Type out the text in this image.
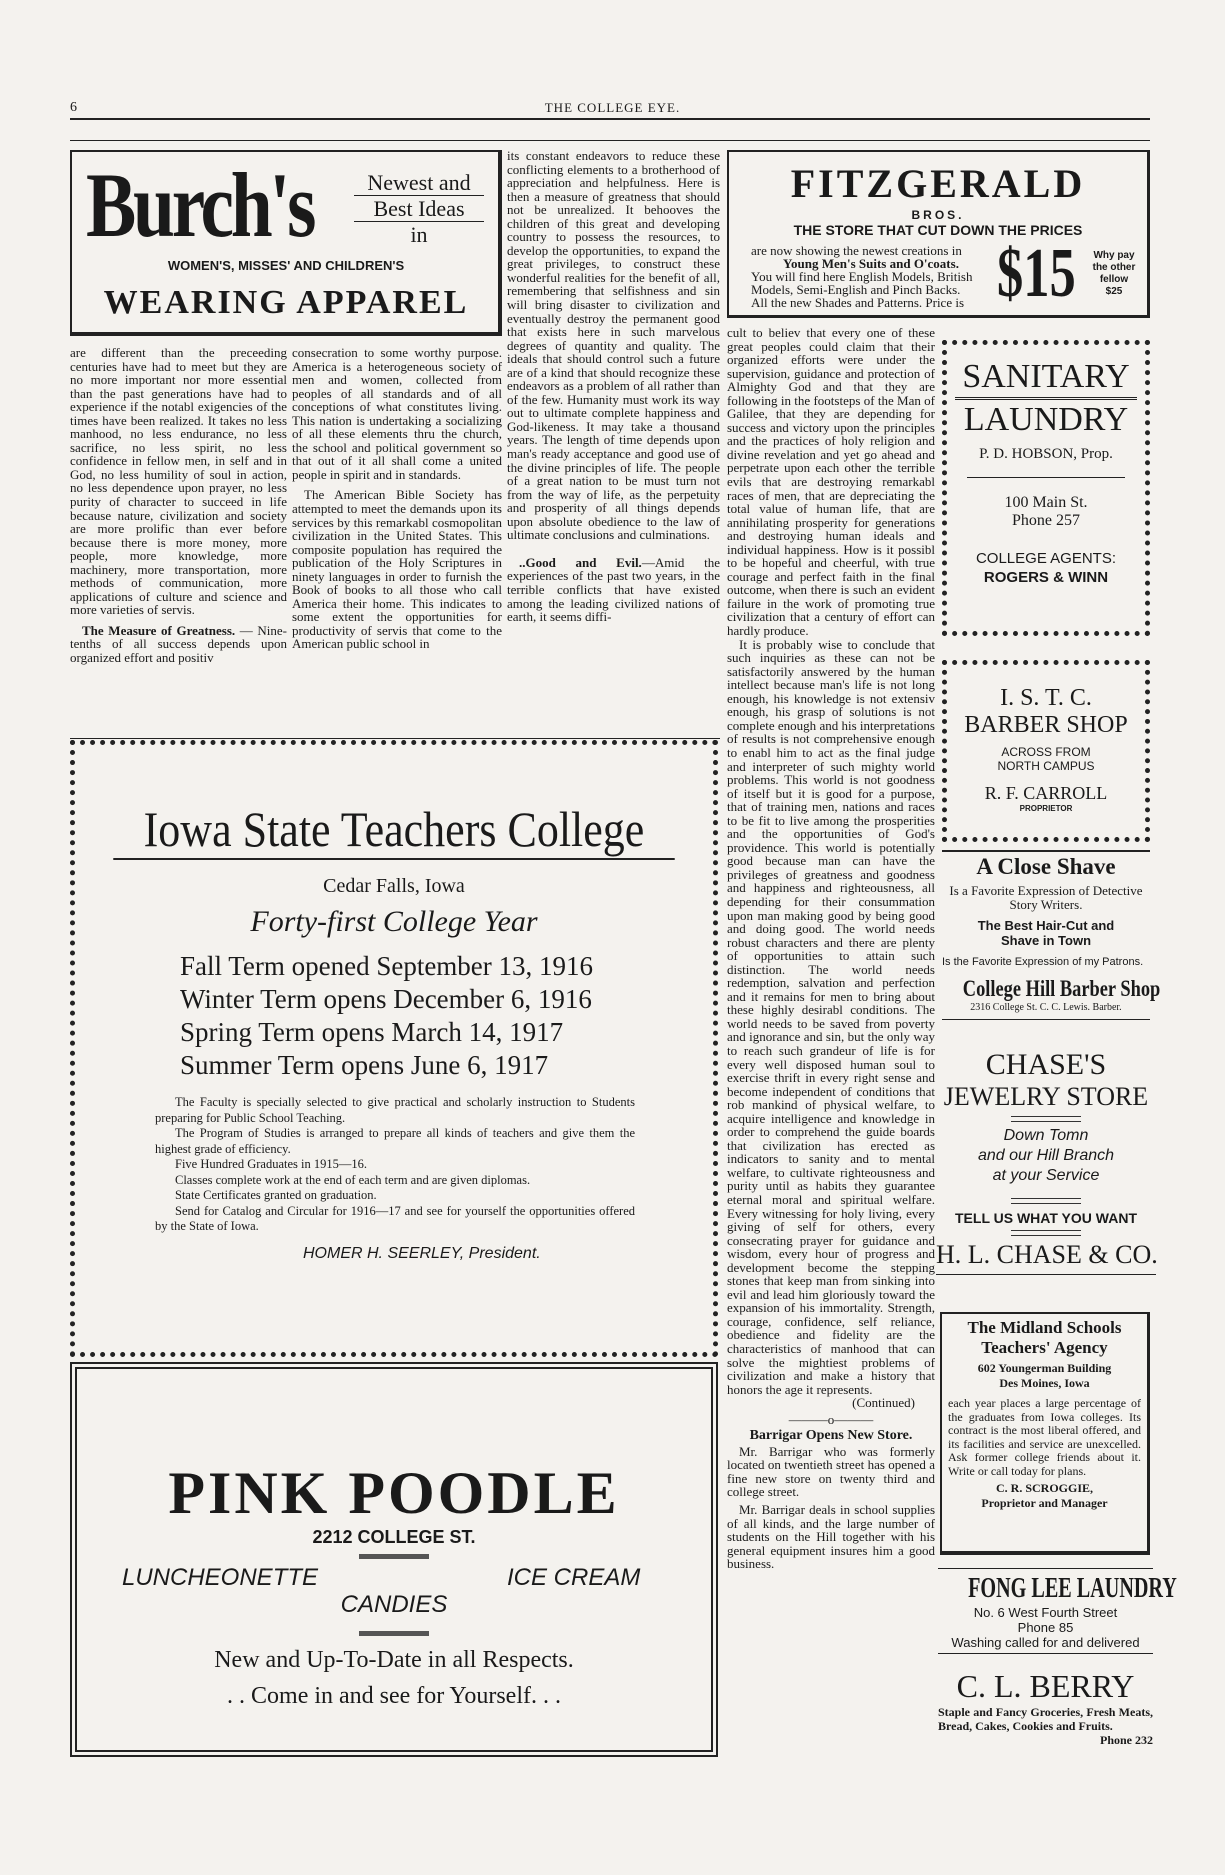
6	THE COLLEGE EYE.
Burch's	Newest and
Best Ideas
in
WOMEN'S, MISSES' AND CHILDREN'S
WEARING APPAREL
FITZGERALD
BROS.
THE STORE THAT CUT DOWN THE PRICES
are now showing the newest creations in
Young Men's Suits and O'coats.
You will find here English Models, British
Models, Semi-English and Pinch Backs.
All the new Shades and Patterns. Price is $15	Why pay
the other
fellow
$25

are different than the preceeding centuries have had to meet but they are no more important nor more essential than the past generations have had to experience if the notabl exigencies of the times have been realized. It takes no less manhood, no less endurance, no less sacrifice, no less spirit, no less confidence in fellow men, in self and in God, no less humility of soul in action, no less dependence upon prayer, no less purity of character to succeed in life because nature, civilization and society are more prolific than ever before because there is more money, more people, more knowledge, more machinery, more transportation, more methods of communication, more applications of culture and science and more varieties of servis.

The Measure of Greatness. — Nine-tenths of all success depends upon organized effort and positiv

consecration to some worthy purpose. America is a heterogeneous society of men and women, collected from peoples of all standards and of all conceptions of what constitutes living. This nation is undertaking a socializing of all these elements thru the church, the school and political government so that out of it all shall come a united people in spirit and in standards.

The American Bible Society has attempted to meet the demands upon its services by this remarkabl cosmopolitan civilization in the United States. This composite population has required the publication of the Holy Scriptures in ninety languages in order to furnish the Book of books to all those who call America their home. This indicates to some extent the opportunities for productivity of servis that come to the American public school in

its constant endeavors to reduce these conflicting elements to a brotherhood of appreciation and helpfulness. Here is then a measure of greatness that should not be unrealized. It behooves the children of this great and developing country to possess the resources, to develop the opportunities, to expand the great privileges, to construct these wonderful realities for the benefit of all, remembering that selfishness and sin will bring disaster to civilization and eventually destroy the permanent good that exists here in such marvelous degrees of quantity and quality. The ideals that should control such a future are of a kind that should recognize these endeavors as a problem of all rather than of the few. Humanity must work its way out to ultimate complete happiness and God-likeness. It may take a thousand years. The length of time depends upon man's ready acceptance and good use of the divine principles of life. The people of a great nation to be must turn not from the way of life, as the perpetuity and prosperity of all things depends upon absolute obedience to the law of ultimate conclusions and culminations.

..Good and Evil.—Amid the experiences of the past two years, in the terrible conflicts that have existed among the leading civilized nations of earth, it seems diffi-

cult to believ that every one of these great peoples could claim that their organized efforts were under the supervision, guidance and protection of Almighty God and that they are following in the footsteps of the Man of Galilee, that they are depending for success and victory upon the principles and the practices of holy religion and divine revelation and yet go ahead and perpetrate upon each other the terrible evils that are destroying remarkabl races of men, that are depreciating the total value of human life, that are annihilating prosperity for generations and destroying human ideals and individual happiness. How is it possibl to be hopeful and cheerful, with true courage and perfect faith in the final outcome, when there is such an evident failure in the work of promoting true civilization that a century of effort can hardly produce.

It is probably wise to conclude that such inquiries as these can not be satisfactorily answered by the human intellect because man's life is not long enough, his knowledge is not extensiv enough, his grasp of solutions is not complete enough and his interpretations of results is not comprehensive enough to enabl him to act as the final judge and interpreter of such mighty world problems. This world is not goodness of itself but it is good for a purpose, that of training men, nations and races to be fit to live among the prosperities and the opportunities of God's providence. This world is potentially good because man can have the privileges of greatness and goodness and happiness and righteousness, all depending for their consummation upon man making good by being good and doing good. The world needs robust characters and there are plenty of opportunities to attain such distinction. The world needs redemption, salvation and perfection and it remains for men to bring about these highly desirabl conditions. The world needs to be saved from poverty and ignorance and sin, but the only way to reach such grandeur of life is for every well disposed human soul to exercise thrift in every right sense and become independent of conditions that rob mankind of physical welfare, to acquire intelligence and knowledge in order to comprehend the guide boards that civilization has erected as indicators to sanity and to mental welfare, to cultivate righteousness and purity until as habits they guarantee eternal moral and spiritual welfare. Every witnessing for holy living, every giving of self for others, every consecrating prayer for guidance and wisdom, every hour of progress and development become the stepping stones that keep man from sinking into evil and lead him gloriously toward the expansion of his immortality. Strength, courage, confidence, self reliance, obedience and fidelity are the characteristics of manhood that can solve the mightiest problems of civilization and make a history that honors the age it represents.

(Continued)
———o———
Barrigar Opens New Store.

Mr. Barrigar who was formerly located on twentieth street has opened a fine new store on twenty third and college street.

Mr. Barrigar deals in school supplies of all kinds, and the large number of students on the Hill together with his general equipment insures him a good business.

Iowa State Teachers College
Cedar Falls, Iowa
Forty-first College Year
Fall Term opened September 13, 1916
Winter Term opens December 6, 1916
Spring Term opens March 14, 1917
Summer Term opens June 6, 1917
The Faculty is specially selected to give practical and scholarly instruction to Students preparing for Public School Teaching.
The Program of Studies is arranged to prepare all kinds of teachers and give them the highest grade of efficiency.
Five Hundred Graduates in 1915—16.
Classes complete work at the end of each term and are given diplomas.
State Certificates granted on graduation.
Send for Catalog and Circular for 1916—17 and see for yourself the opportunities offered by the State of Iowa.
HOMER H. SEERLEY, President.
PINK POODLE
2212 COLLEGE ST.
LUNCHEONETTE	ICE CREAM
CANDIES
New and Up-To-Date in all Respects.
. . Come in and see for Yourself. . .
SANITARY
LAUNDRY
P. D. HOBSON, Prop.
100 Main St.
Phone 257
COLLEGE AGENTS:
ROGERS & WINN
I. S. T. C.
BARBER SHOP
ACROSS FROM
NORTH CAMPUS
R. F. CARROLL
PROPRIETOR
A Close Shave
Is a Favorite Expression of Detective Story Writers.
The Best Hair-Cut and Shave in Town
Is the Favorite Expression of my Patrons.
College Hill Barber Shop
2316 College St. C. C. Lewis. Barber.
CHASE'S
JEWELRY STORE
Down Tomn
and our Hill Branch
at your Service
TELL US WHAT YOU WANT
H. L. CHASE & CO.
The Midland Schools
Teachers' Agency
602 Youngerman Building
Des Moines, Iowa
each year places a large percentage of the graduates from Iowa colleges. Its contract is the most liberal offered, and its facilities and service are unexcelled. Ask former college friends about it. Write or call today for plans.
C. R. SCROGGIE,
Proprietor and Manager
FONG LEE LAUNDRY
No. 6 West Fourth Street
Phone 85
Washing called for and delivered
C. L. BERRY
Staple and Fancy Groceries, Fresh Meats, Bread, Cakes, Cookies and Fruits.
Phone 232
